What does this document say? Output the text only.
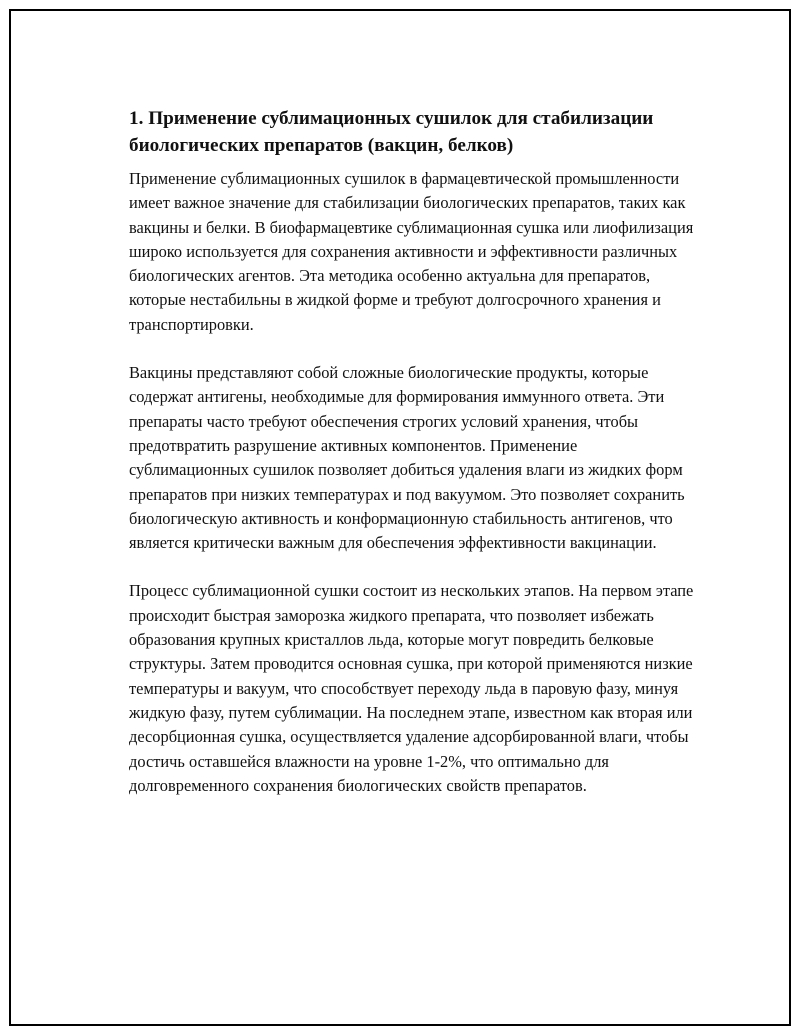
1. Применение сублимационных сушилок для стабилизации биологических препаратов (вакцин, белков)

Применение сублимационных сушилок в фармацевтической промышленности имеет важное значение для стабилизации биологических препаратов, таких как вакцины и белки. В биофармацевтике сублимационная сушка или лиофилизация широко используется для сохранения активности и эффективности различных биологических агентов. Эта методика особенно актуальна для препаратов, которые нестабильны в жидкой форме и требуют долгосрочного хранения и транспортировки.

Вакцины представляют собой сложные биологические продукты, которые содержат антигены, необходимые для формирования иммунного ответа. Эти препараты часто требуют обеспечения строгих условий хранения, чтобы предотвратить разрушение активных компонентов. Применение сублимационных сушилок позволяет добиться удаления влаги из жидких форм препаратов при низких температурах и под вакуумом. Это позволяет сохранить биологическую активность и конформационную стабильность антигенов, что является критически важным для обеспечения эффективности вакцинации.

Процесс сублимационной сушки состоит из нескольких этапов. На первом этапе происходит быстрая заморозка жидкого препарата, что позволяет избежать образования крупных кристаллов льда, которые могут повредить белковые структуры. Затем проводится основная сушка, при которой применяются низкие температуры и вакуум, что способствует переходу льда в паровую фазу, минуя жидкую фазу, путем сублимации. На последнем этапе, известном как вторая или десорбционная сушка, осуществляется удаление адсорбированной влаги, чтобы достичь оставшейся влажности на уровне 1-2%, что оптимально для долговременного сохранения биологических свойств препаратов.
